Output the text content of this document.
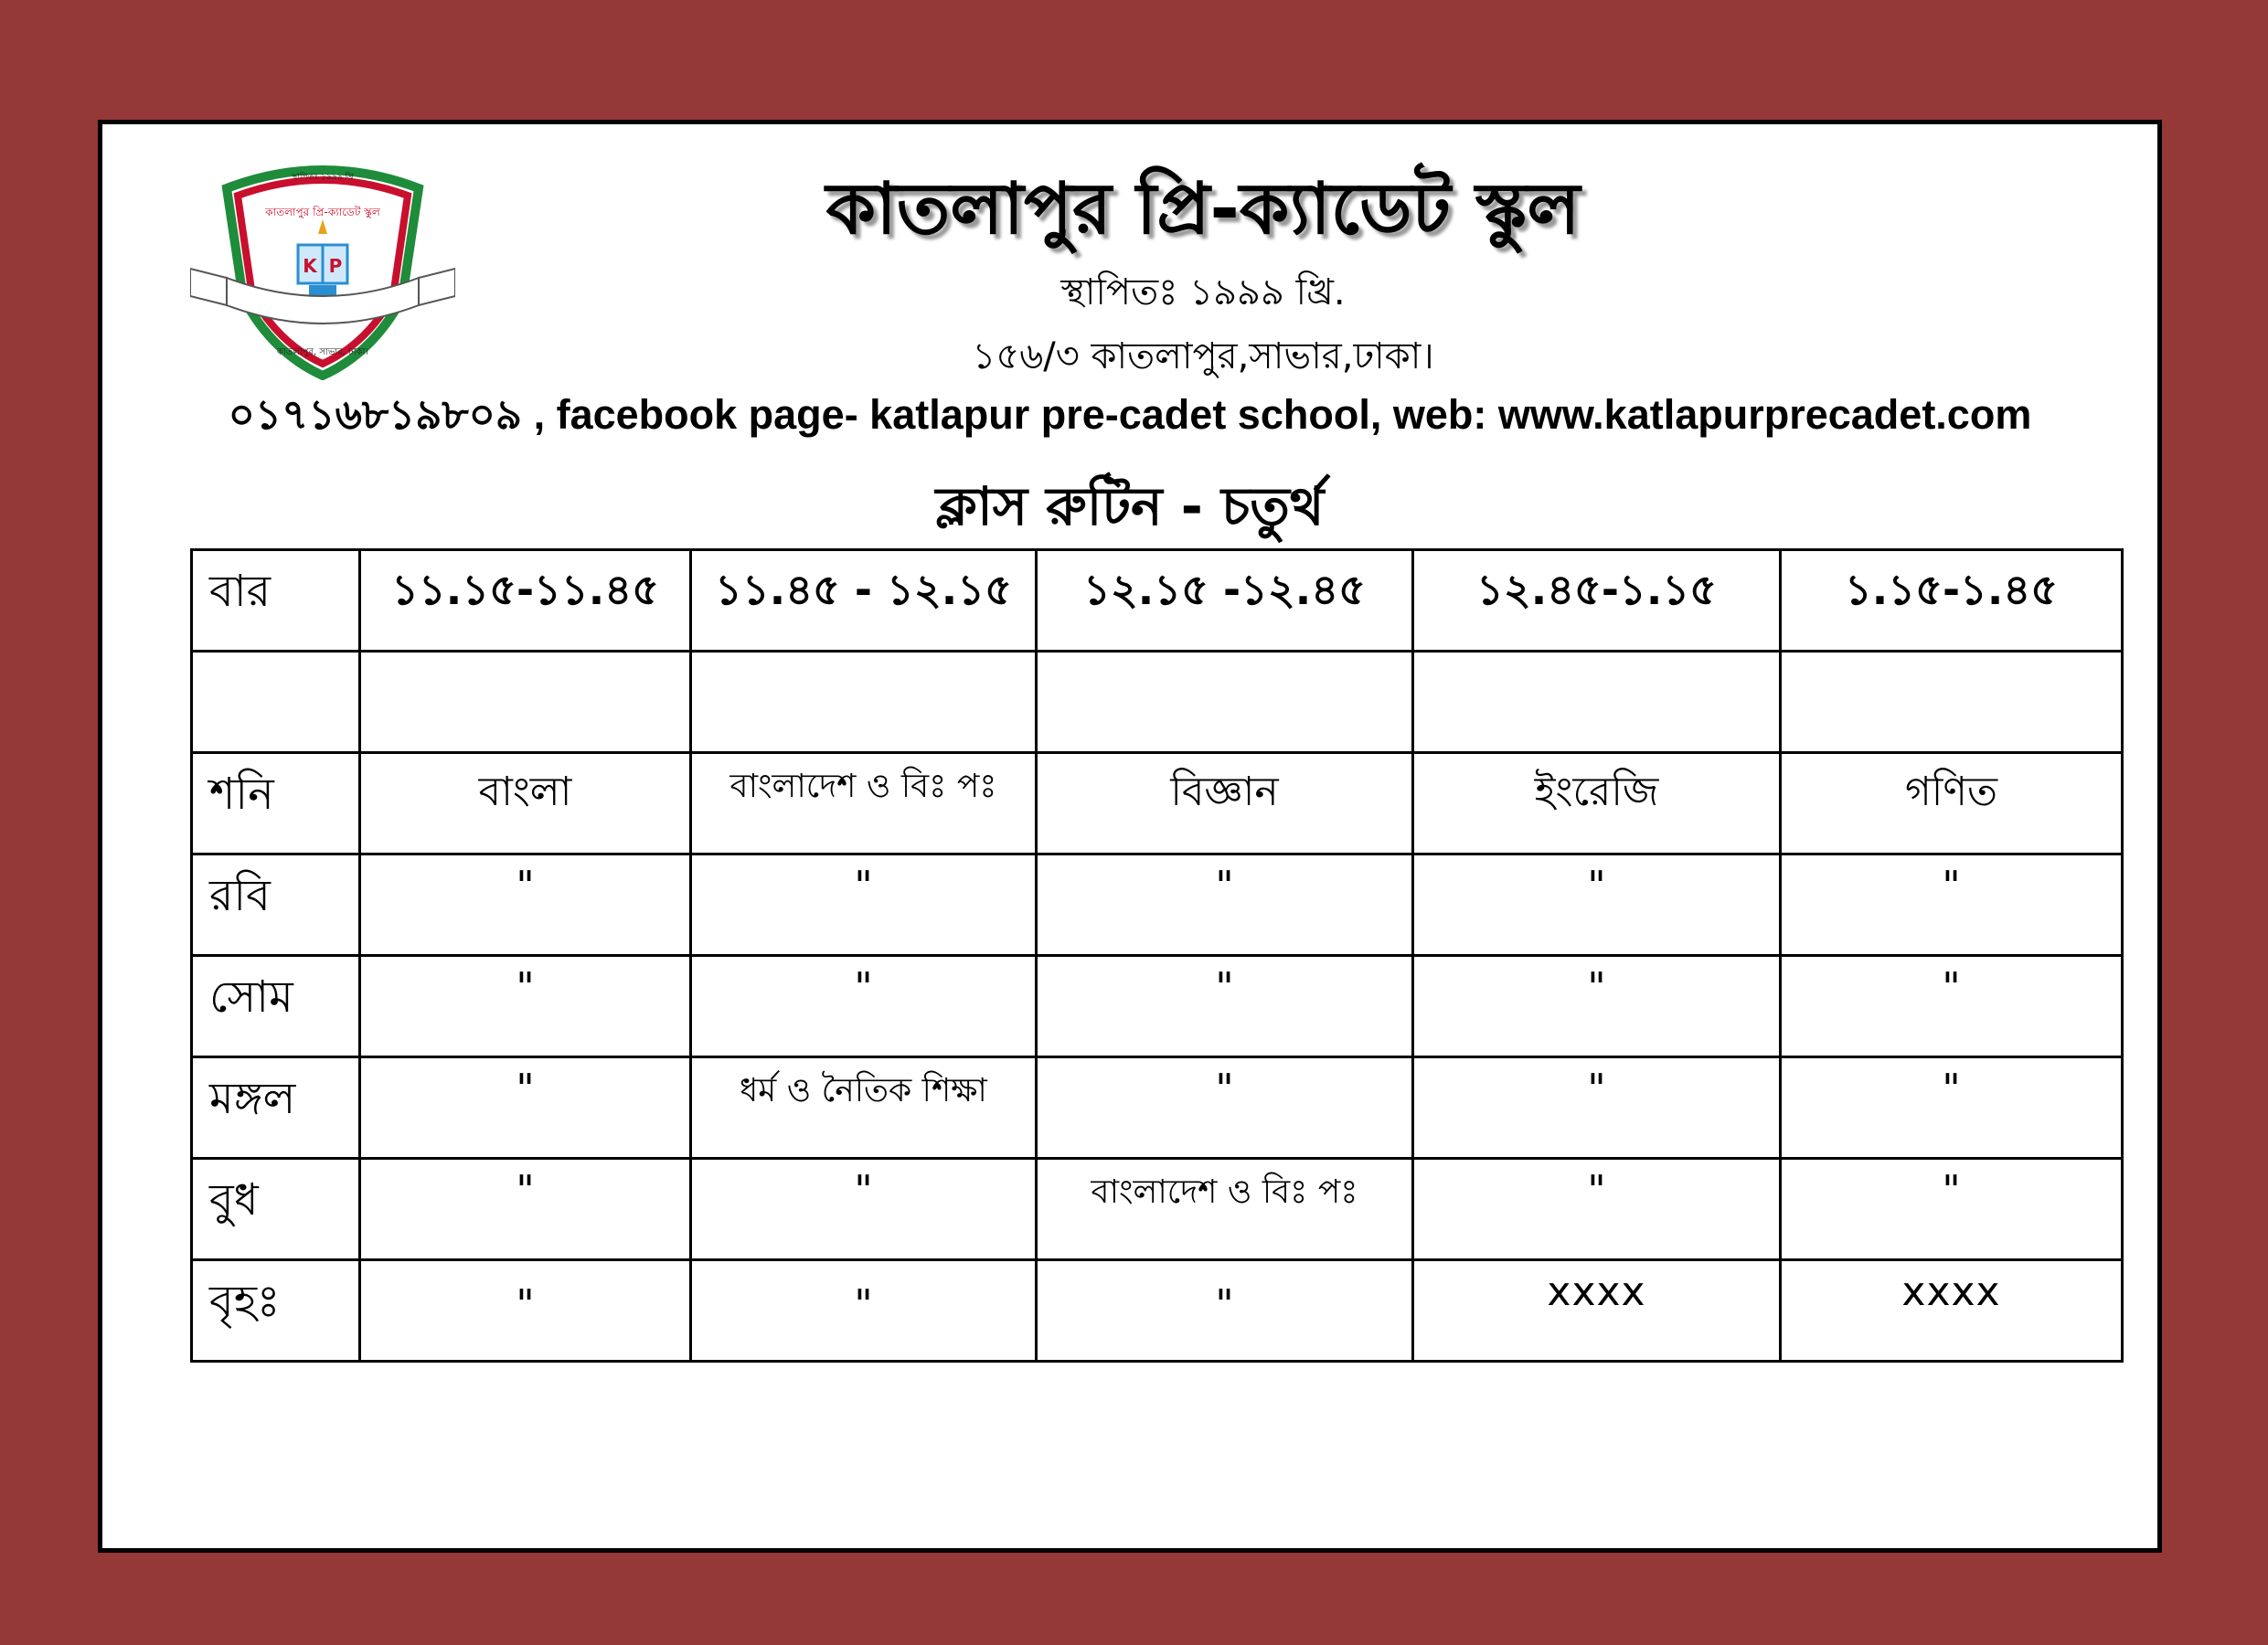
স্থাপিতঃ ১৯৯৯ খ্রি
কাতলাপুর প্রি-ক্যাডেট স্কুল
K P
কাতলাপুর, সাভার, ঢাকা।
কাতলাপুর প্রি-ক্যাডেট স্কুল
স্থাপিতঃ ১৯৯৯ খ্রি.
১৫৬/৩ কাতলাপুর,সাভার,ঢাকা।
০১৭১৬৮১৯৮০৯ , facebook page- katlapur pre-cadet school, web: www.katlapurprecadet.com
ক্লাস রুটিন - চতুর্থ
বার	১১.১৫-১১.৪৫	১১.৪৫ - ১২.১৫	১২.১৫ -১২.৪৫	১২.৪৫-১.১৫	১.১৫-১.৪৫

শনি	বাংলা	বাংলাদেশ ও বিঃ পঃ	বিজ্ঞান	ইংরেজি	গণিত
রবি	"	"	"	"	"
সোম	"	"	"	"	"
মঙ্গল	"	ধর্ম ও নৈতিক শিক্ষা	"	"	"
বুধ	"	"	বাংলাদেশ ও বিঃ পঃ	"	"
বৃহঃ	"	"	"	xxxx	xxxx
